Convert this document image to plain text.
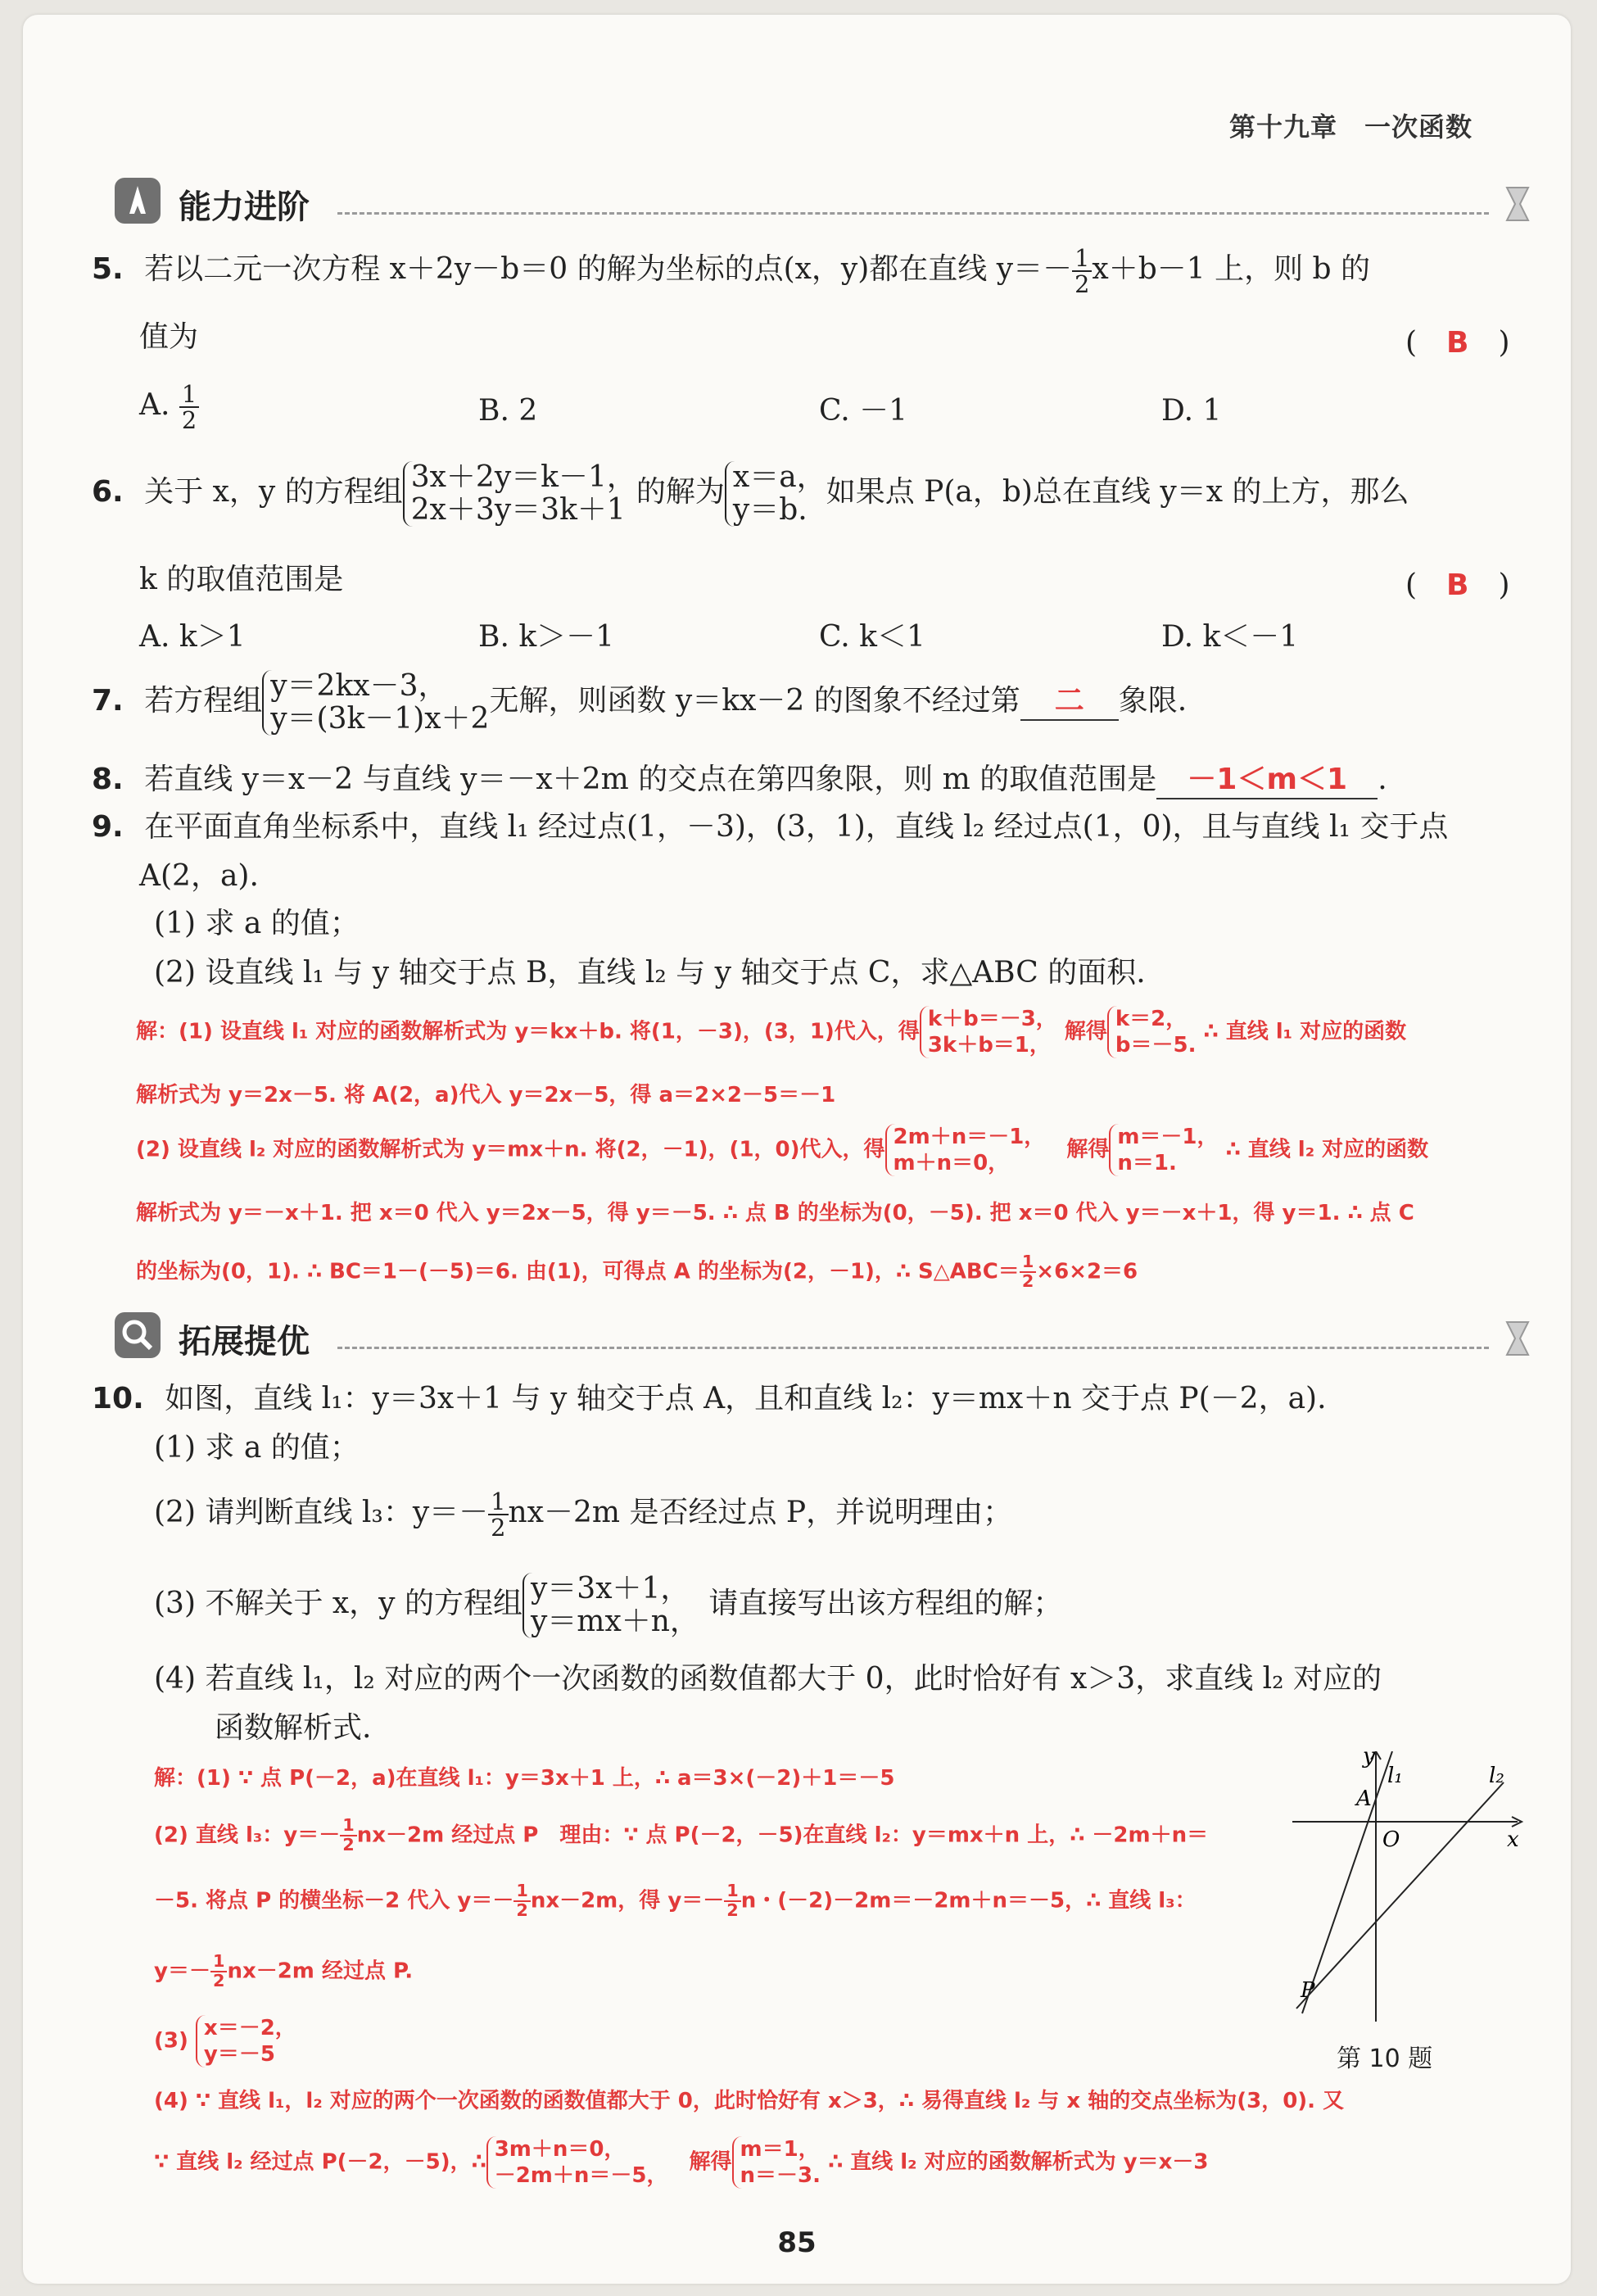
第十九章　一次函数
能力进阶
5. 若以二元一次方程 x＋2y－b＝0 的解为坐标的点(x，y)都在直线 $y=- \frac{1}{2} x+b-1$ 上，则 b 的
值为	(　B　)
A. $\frac{1}{2}$	B. 2	C. －1	D. 1
6. 关于 x，y 的方程组 3x＋2y＝k－1，
2x＋3y＝3k＋1的解为 x＝a，
y＝b.如果点 P(a，b)总在直线 y＝x 的上方，那么
k 的取值范围是	(　B　)
A. k＞1	B. k＞－1	C. k＜1	D. k＜－1
7. 若方程组 y＝2kx－3，
y＝(3k－1)x＋2无解，则函数 y＝kx－2 的图象不经过第 二 象限.
8. 若直线 y＝x－2 与直线 y＝－x＋2m 的交点在第四象限，则 m 的取值范围是 －1＜m＜1 .
9. 在平面直角坐标系中，直线 l₁ 经过点(1，－3)，(3，1)，直线 l₂ 经过点(1，0)，且与直线 l₁ 交于点
A(2，a).
(1) 求 a 的值；
(2) 设直线 l₁ 与 y 轴交于点 B，直线 l₂ 与 y 轴交于点 C，求△ABC 的面积.
解：(1) 设直线 l₁ 对应的函数解析式为 y＝kx＋b. 将(1，－3)，(3，1)代入，得k＋b＝－3，
3k＋b＝1， 解得k＝2，
b＝－5. ∴ 直线 l₁ 对应的函数
解析式为 y＝2x－5. 将 A(2，a)代入 y＝2x－5，得 a＝2×2－5＝－1
(2) 设直线 l₂ 对应的函数解析式为 y＝mx＋n. 将(2，－1)，(1，0)代入，得2m＋n＝－1，
m＋n＝0，　解得m＝－1，
n＝1. ∴ 直线 l₂ 对应的函数
解析式为 y＝－x＋1. 把 x＝0 代入 y＝2x－5，得 y＝－5. ∴ 点 B 的坐标为(0，－5). 把 x＝0 代入 y＝－x＋1，得 y＝1. ∴ 点 C
的坐标为(0，1). ∴ BC＝1－(－5)＝6. 由(1)，可得点 A 的坐标为(2，－1)，∴ S△ABC＝ $\frac{1}{2} \times 6\times 2=6$
拓展提优
10. 如图，直线 l₁：y＝3x＋1 与 y 轴交于点 A，且和直线 l₂：y＝mx＋n 交于点 P(－2，a).
(1) 求 a 的值；
(2) 请判断直线 l₃：$y=- \frac{1}{2} nx-2m$ 是否经过点 P，并说明理由；
(3) 不解关于 x，y 的方程组 y＝3x＋1，
y＝mx＋n， 请直接写出该方程组的解；
(4) 若直线 l₁，l₂ 对应的两个一次函数的函数值都大于 0，此时恰好有 x＞3，求直线 l₂ 对应的
函数解析式.
解：(1) ∵ 点 P(－2，a)在直线 l₁：y＝3x＋1 上，∴ a＝3×(－2)＋1＝－5
(2) 直线 l₃：$y=- \frac{1}{2} nx-2m$ 经过点 P　理由：∵ 点 P(－2，－5)在直线 l₂：y＝mx＋n 上，∴ －2m＋n＝
－5. 将点 P 的横坐标－2 代入 $y=- \frac{1}{2} nx-2m$，得 $y=- \frac{1}{2}$ n・(－2)－2m＝－2m＋n＝－5，∴ 直线 l₃：
$y=- \frac{1}{2} nx-2m$ 经过点 P.
(3) x＝－2，
y＝－5
(4) ∵ 直线 l₁，l₂ 对应的两个一次函数的函数值都大于 0，此时恰好有 x＞3，∴ 易得直线 l₂ 与 x 轴的交点坐标为(3，0). 又
∵ 直线 l₂ 经过点 P(－2，－5)，∴3m＋n＝0，
－2m＋n＝－5，　解得m＝1，
n＝－3. ∴ 直线 l₂ 对应的函数解析式为 y＝x－3
y
l₁	l₂
A
O	x
P
第 10 题
85
